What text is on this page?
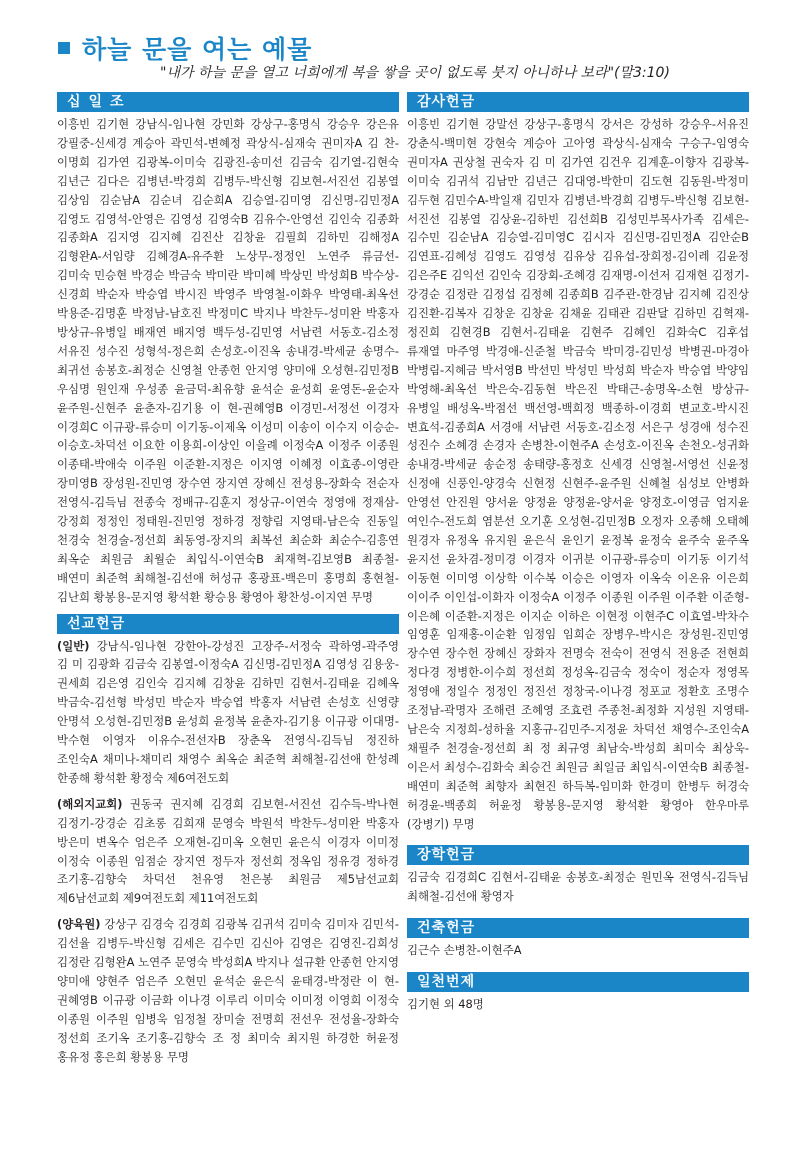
하늘 문을 여는 예물
"내가 하늘 문을 열고 너희에게 복을 쌓을 곳이 없도록 붓지 아니하나 보라"(말3:10)
십일조
이흥빈 김기현 강남식-임나현 강민화 강상구-홍명식 강승우 강은유 강필중-신세경 계승아 곽민석-변혜정 곽상식-심재숙 권미자A 김 찬-이명희 김가연 김광복-이미숙 김광진-송미선 김금숙 김기열-김현숙 김년근 김다은 김병년-박경희 김병두-박신형 김보현-서진선 김봉열 김상임 김순남A 김순녀 김순희A 김승열-김미영 김신명-김민정A 김영도 김영석-안영은 김영성 김영숙B 김유수-안영선 김인숙 김종화 김종화A 김지영 김지혜 김진산 김창윤 김필희 김하민 김해정A 김형완A-서임량 김혜경A-유주환 노상무-정정인 노연주 류금선-김미숙 민승현 박경순 박금숙 박미란 박미혜 박상민 박성희B 박수상-신경희 박순자 박승엽 박시진 박영주 박영철-이화우 박영태-최옥선 박용준-김명훈 박정남-남호진 박정미C 박지나 박찬두-성미완 박홍자 방상규-유병일 배재연 배지영 백두성-김민영 서남련 서동호-김소정 서유진 성수진 성형석-정은희 손성호-이진옥 송내경-박세균 송명수-최귀선 송봉호-최정순 신영철 안종헌 안지영 양미애 오성현-김민정B 우심명 원인재 우성종 윤금덕-최유향 윤석순 윤성희 윤영돈-윤순자 윤주원-신현주 윤춘자-김기용 이 현-권혜영B 이경민-서정선 이경자 이경희C 이규광-류승미 이기동-이제옥 이성미 이송이 이수지 이승순-이승호-차덕선 이요한 이용희-이상인 이을례 이정숙A 이정주 이종원 이종태-박애숙 이주원 이준환-지정은 이지영 이혜정 이효종-이영란 장미영B 장성원-진민영 장수연 장지연 장혜신 전성용-장화숙 전순자 전영식-김득님 전종숙 정배규-김훈지 정상규-이연숙 정영애 정재삼-강정희 정정인 정태원-진민영 정하경 정향림 지영태-남은숙 진동일 천경숙 천경술-정선희 최동영-장지의 최복선 최순화 최순수-김흥연 최옥순 최원금 최월순 최입식-이연숙B 최재혁-김보영B 최종철-배연미 최준혁 최해철-김선애 허성규 홍광표-백은미 홍명희 홍현철-김난희 황봉용-문지영 황석환 황승용 황영아 황찬성-이지연 무명
선교헌금
(일반) 강남식-임나현 강한아-강성진 고장주-서정숙 곽하영-곽주영 김 미 김광화 김금숙 김봉열-이정숙A 김신명-김민정A 김영성 김용웅-권세희 김은영 김인숙 김지혜 김창윤 김하민 김현서-김태윤 김혜옥 박금숙-김선형 박성민 박순자 박승엽 박홍자 서남련 손성호 신영량 안명석 오성현-김민정B 윤성희 윤정복 윤춘자-김기용 이규광 이대명-박수현 이영자 이유수-전선자B 장춘옥 전영식-김득님 정진하 조인숙A 채미나-채미리 채영수 최옥순 최준혁 최해철-김선애 한성례 한종해 황석환 황정숙 제6여전도회
(해외지교회) 권동국 권지혜 김경희 김보현-서진선 김수득-박나현 김정기-강경순 김초롱 김희재 문영숙 박원석 박찬두-성미완 박홍자 방은미 변옥수 엄은주 오재현-김미옥 오현민 윤은식 이경자 이미정 이정숙 이종원 임점순 장지연 정두자 정선희 정옥임 정유경 정하경 조기홍-김향숙 차덕선 천유영 천은봉 최원금 제5남선교회 제6남선교회 제9여전도회 제11여전도회
(양육원) 강상구 김경숙 김경희 김광복 김귀석 김미숙 김미자 김민석-김선율 김병두-박신형 김세은 김수민 김신아 김영은 김영진-김희성 김정란 김형완A 노연주 문영숙 박성희A 박지나 설규환 안종헌 안지영 양미애 양현주 엄은주 오현민 윤석순 윤은식 윤태경-박정란 이 현-권혜영B 이규광 이금화 이나경 이루리 이미숙 이미정 이영희 이정숙 이종원 이주원 임병욱 임정철 장미술 전명희 전선우 전성율-장화숙 정선희 조기옥 조기홍-김향숙 조 정 최미숙 최지원 하경한 허윤정 홍유정 홍은희 황봉용 무명
감사헌금
이흥빈 김기현 강말선 강상구-홍명식 강서은 강성하 강승우-서유진 강춘식-백미현 강현숙 계승아 고아영 곽상식-심재숙 구승구-임영숙 권미자A 권상철 권숙자 김 미 김가연 김건우 김계훈-이향자 김광복-이미숙 김귀석 김남만 김년근 김대영-박한미 김도현 김동원-박정미 김두현 김민수A-박일재 김민자 김병년-박경희 김병두-박신형 김보현-서진선 김봉열 김상윤-김하빈 김선희B 김성민부목사가족 김세은-김수민 김순남A 김승열-김미영C 김시자 김신명-김민정A 김안순B 김연표-김혜성 김영도 김영성 김유상 김유섭-장희정-김이레 김윤정 김은주E 김익선 김인숙 김장회-조혜경 김재명-이선저 김재현 김정기-강경순 김정란 김정섭 김정혜 김종희B 김주관-한경남 김지혜 김진상 김진환-김복자 김창운 김창윤 김채윤 김태관 김판달 김하민 김혁재-정진희 김현경B 김현서-김태윤 김현주 김혜인 김화숙C 김후섭 류재열 마주영 박경애-신준철 박금숙 박미경-김민성 박병권-마경아 박병림-지혜금 박서영B 박선민 박성민 박성희 박순자 박승엽 박양임 박영해-최옥선 박은숙-김동현 박은진 박태근-송명옥-소현 방상규-유병일 배성옥-박점선 백선영-백희정 백종하-이경희 변교호-박시진 변효석-김종희A 서경애 서남련 서동호-김소정 서은구 성경애 성수진 성진수 소혜경 손경자 손병찬-이현주A 손성호-이진옥 손천오-성귀화 송내경-박세균 송순정 송태량-홍정호 신세경 신영철-서영선 신윤정 신정애 신풍인-양경숙 신현정 신현주-윤주원 신혜철 심성보 안병화 안영선 안진원 양서윤 양정윤 양정윤-양서윤 양정호-이영금 엄지윤 여인수-전도희 염분선 오기훈 오성현-김민정B 오정자 오종해 오태혜 원경자 유정옥 유지원 윤은식 윤인기 윤정복 윤정숙 윤주숙 윤주옥 윤지선 윤차겸-정미경 이경자 이귀분 이규광-류승미 이기동 이기석 이동현 이미영 이상학 이수복 이승은 이영자 이옥숙 이온유 이은희 이이주 이인섭-이화자 이정숙A 이정주 이종원 이주원 이주환 이준형-이은혜 이준환-지정은 이지순 이하은 이현정 이현주C 이효열-박차수 임영훈 임재홍-이순환 임정임 임희순 장병우-박시은 장성원-진민영 장수연 장수헌 장혜신 장화자 전명숙 전숙이 전영식 전용준 전현희 정다경 정병한-이수희 정선희 정성옥-김금숙 정숙이 정순자 정영목 정영애 정일수 정정인 정진선 정창국-이나경 정포교 정환호 조명수 조정남-곽명자 조해련 조혜영 조효련 주종천-최정화 지성원 지영태-남은숙 지정희-성하율 지홍규-김민주-지정윤 차덕선 채영수-조인숙A 채필주 천경술-정선희 최 정 최규영 최남숙-박성희 최미숙 최상욱-이은서 최성수-김화숙 최승건 최원금 최일금 최입식-이연숙B 최종철-배연미 최준혁 최향자 최현진 하득복-임미화 한경미 한병두 허경숙 허경윤-백종희 허윤정 황봉용-문지영 황석환 황영아 한우마루(강병기) 무명
장학헌금
김금숙 김경희C 김현서-김태윤 송봉호-최정순 원민옥 전영식-김득님 최해철-김선애 황영자
건축헌금
김근수 손병찬-이현주A
일천번제
김기현 외 48명
